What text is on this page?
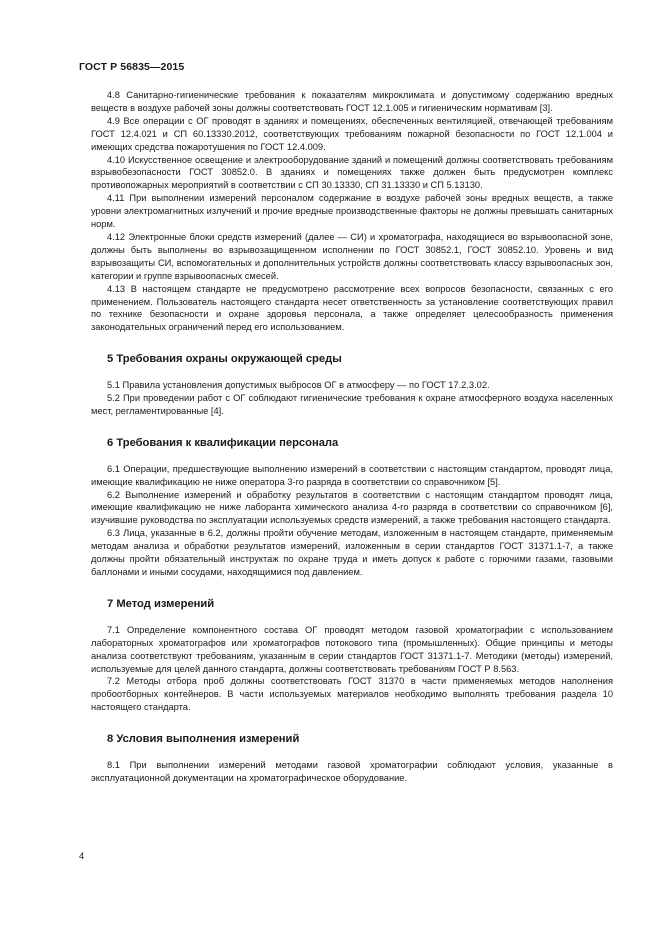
ГОСТ Р 56835—2015

4.8 Санитарно-гигиенические требования к показателям микроклимата и допустимому содержанию вредных веществ в воздухе рабочей зоны должны соответствовать ГОСТ 12.1.005 и гигиеническим нормативам [3].

4.9 Все операции с ОГ проводят в зданиях и помещениях, обеспеченных вентиляцией, отвечающей требованиям ГОСТ 12.4.021 и СП 60.13330.2012, соответствующих требованиям пожарной безопасности по ГОСТ 12.1.004 и имеющих средства пожаротушения по ГОСТ 12.4.009.

4.10 Искусственное освещение и электрооборудование зданий и помещений должны соответствовать требованиям взрывобезопасности ГОСТ 30852.0. В зданиях и помещениях также должен быть предусмотрен комплекс противопожарных мероприятий в соответствии с СП 30.13330, СП 31.13330 и СП 5.13130.

4.11 При выполнении измерений персоналом содержание в воздухе рабочей зоны вредных веществ, а также уровни электромагнитных излучений и прочие вредные производственные факторы не должны превышать санитарных норм.

4.12 Электронные блоки средств измерений (далее — СИ) и хроматографа, находящиеся во взрывоопасной зоне, должны быть выполнены во взрывозащищенном исполнении по ГОСТ 30852.1, ГОСТ 30852.10. Уровень и вид взрывозащиты СИ, вспомогательных и дополнительных устройств должны соответствовать классу взрывоопасных зон, категории и группе взрывоопасных смесей.

4.13 В настоящем стандарте не предусмотрено рассмотрение всех вопросов безопасности, связанных с его применением. Пользователь настоящего стандарта несет ответственность за установление соответствующих правил по технике безопасности и охране здоровья персонала, а также определяет целесообразность применения законодательных ограничений перед его использованием.

5 Требования охраны окружающей среды

5.1 Правила установления допустимых выбросов ОГ в атмосферу — по ГОСТ 17.2.3.02.

5.2 При проведении работ с ОГ соблюдают гигиенические требования к охране атмосферного воздуха населенных мест, регламентированные [4].

6 Требования к квалификации персонала

6.1 Операции, предшествующие выполнению измерений в соответствии с настоящим стандартом, проводят лица, имеющие квалификацию не ниже оператора 3-го разряда в соответствии со справочником [5].

6.2 Выполнение измерений и обработку результатов в соответствии с настоящим стандартом проводят лица, имеющие квалификацию не ниже лаборанта химического анализа 4-го разряда в соответствии со справочником [6], изучившие руководства по эксплуатации используемых средств измерений, а также требования настоящего стандарта.

6.3 Лица, указанные в 6.2, должны пройти обучение методам, изложенным в настоящем стандарте, применяемым методам анализа и обработки результатов измерений, изложенным в серии стандартов ГОСТ 31371.1-7, а также должны пройти обязательный инструктаж по охране труда и иметь допуск к работе с горючими газами, газовыми баллонами и иными сосудами, находящимися под давлением.

7 Метод измерений

7.1 Определение компонентного состава ОГ проводят методом газовой хроматографии с использованием лабораторных хроматографов или хроматографов потокового типа (промышленных). Общие принципы и методы анализа соответствуют требованиям, указанным в серии стандартов ГОСТ 31371.1-7. Методики (методы) измерений, используемые для целей данного стандарта, должны соответствовать требованиям ГОСТ Р 8.563.

7.2 Методы отбора проб должны соответствовать ГОСТ 31370 в части применяемых методов наполнения пробоотборных контейнеров. В части используемых материалов необходимо выполнять требования раздела 10 настоящего стандарта.

8 Условия выполнения измерений

8.1 При выполнении измерений методами газовой хроматографии соблюдают условия, указанные в эксплуатационной документации на хроматографическое оборудование.

4
